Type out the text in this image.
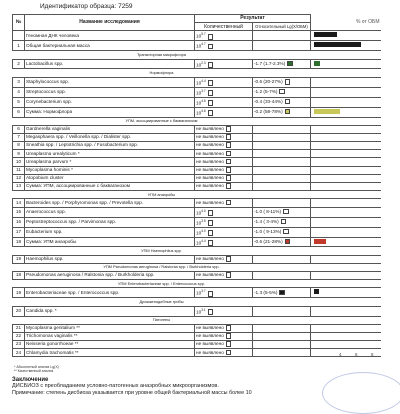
Идентификатор образца: 7259
№	Название исследования	Результат		% от ОБМ
		Количественный	Относительный Lg(X/ОБМ)	
	Геномная ДНК человека	$10^{5.7}$		

1	Общая бактериальная масса	$10^{4.7}$		

Транзиторная микрофлора				
2	Lactobacillus spp.	$10^{2.3}$	-1.7 (1.7-2.3%)	

Нормофлора				
3	Staphylococcus spp.	$10^{4.4}$	-0.6 (20-27%)	
4	Streptococcus spp.	$10^{3.7}$	-1.2 (5-7%)	
5	Corynebacterium spp.	$10^{4.5}$	-0.4 (33-44%)	
6	Сумма: Нормофлора	$10^{4.6}$	-0.2 (58-78%)	

УПМ, ассоциированные с бакваганозом				
6	Gardnerella vaginalis	не выявлено		
7	Megasphaera spp. / Veillonella spp. / Dialister spp.	не выявлено		
8	Sneathia spp. / Leptotrichia spp. / Fusobacterium spp.	не выявлено		
9	Ureaplasma urealyticum *	не выявлено		
10	Ureaplasma parvum *	не выявлено		
11	Mycoplasma hominis *	не выявлено		
12	Atopobium cluster	не выявлено		
13	Сумма: УПМ, ассоциированные с бакваганозом	не выявлено		
УПМ анаэробы				
14	Bacteroides spp. / Porphyromonas spp. / Prevotella spp.	не выявлено		
15	Anaerococcus spp.	$10^{4.0}$	-1.0 ( 8-11%)	
16	Peptostreptococcus spp. / Parvimonas spp.	$10^{3.5}$	-1.4 ( 3-4%)	
17	Eubacterium spp.	$10^{4.0}$	-1.0 ( 9-13%)	
18	Сумма: УПМ анаэробы	$10^{4.4}$	-0.6 (21-28%)	

УПМ Haemophilus spp.				
19	Haemophilus spp.	не выявлено		
УПМ Pseudomonas aeruginosa / Ralstonia spp. / Burkholderia spp.				
18	Pseudomonas aeruginosa / Ralstonia spp. / Burkholderia spp.	не выявлено		
УПМ Enterobacteriaceae spp. / Enterococcus spp.				
19	Enterobacteriaceae spp. / Enterococcus spp.	$10^{3.7}$	-1.3 (5-5%)	

Дрожжеподобные грибы				
20	Candida spp. *	$10^{3.1}$		
Патогены				
21	Mycoplasma genitalium **	не выявлено		
22	Trichomonas vaginalis **	не выявлено		
23	Neisseria gonorrhoeae **	не выявлено		
24	Chlamydia trachomatis **	не выявлено			4	6	8
* Абсолютный анализ Lg(X)
** Качественный анализ
Заключение
ДИСБИОЗ с преобладанием условно-патогенных анаэробных микроорганизмов.
Примечание: степень дисбиоза указывается при уровне общей бактериальной массы более 10
